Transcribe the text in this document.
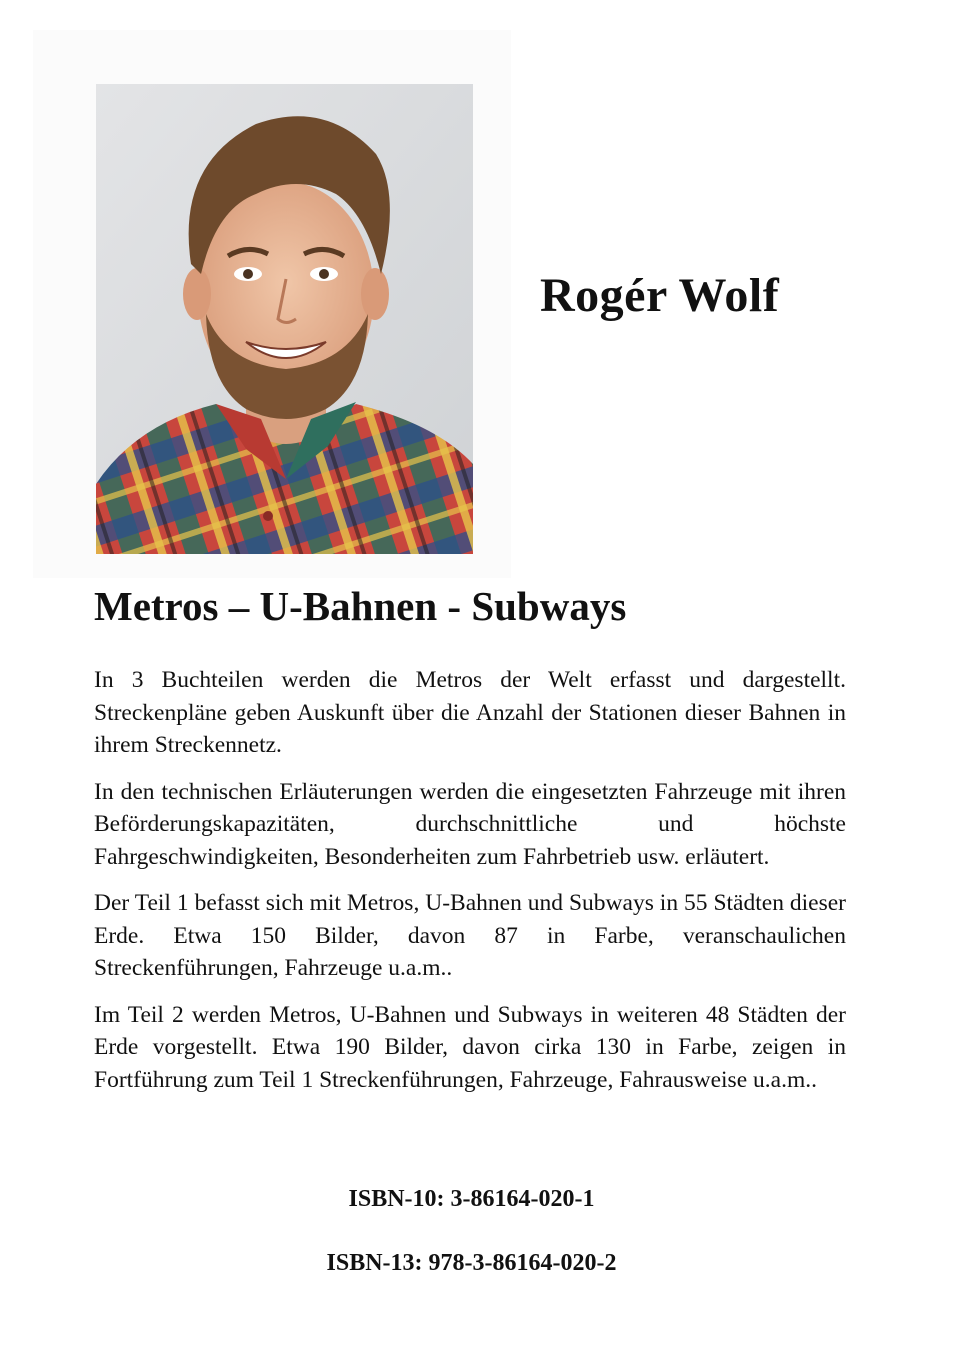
Rogér Wolf
Metros – U-Bahnen - Subways

In 3 Buchteilen werden die Metros der Welt erfasst und dargestellt. Streckenpläne geben Auskunft über die Anzahl der Stationen dieser Bahnen in ihrem Streckennetz.

In den technischen Erläuterungen werden die eingesetzten Fahrzeuge mit ihren Beförderungskapazitäten, durchschnittliche und höchste Fahrgeschwindigkeiten, Besonderheiten zum Fahrbetrieb usw. erläutert.

Der Teil 1 befasst sich mit Metros, U-Bahnen und Subways in 55 Städten dieser Erde. Etwa 150 Bilder, davon 87 in Farbe, veranschaulichen Streckenführungen, Fahrzeuge u.a.m..

Im Teil 2 werden Metros, U-Bahnen und Subways in weiteren 48 Städten der Erde vorgestellt. Etwa 190 Bilder, davon cirka 130 in Farbe, zeigen in Fortführung zum Teil 1 Streckenführungen, Fahrzeuge, Fahrausweise u.a.m..

ISBN-10: 3-86164-020-1

ISBN-13: 978-3-86164-020-2
